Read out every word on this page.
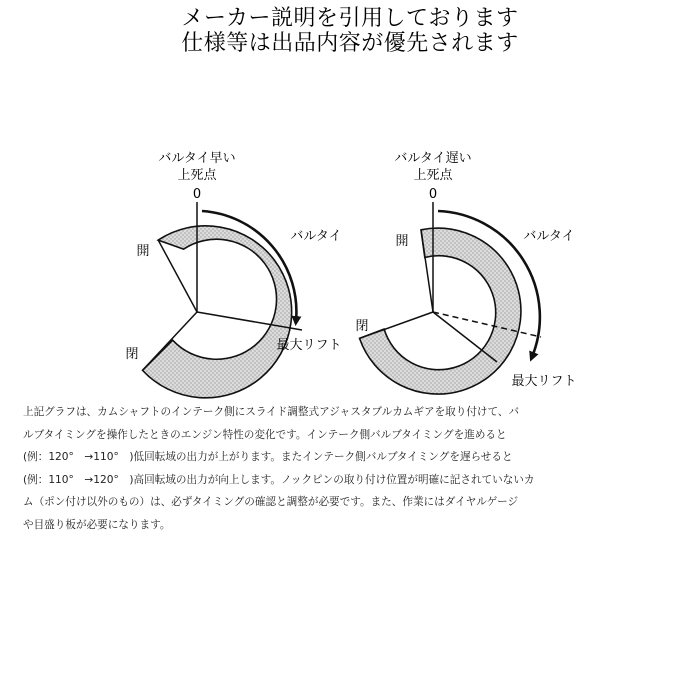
メーカー説明を引用しております
仕様等は出品内容が優先されます
バルタイ早い
上死点
0
開
閉
バルタイ
最大リフト
バルタイ遅い
上死点
0
開
閉
バルタイ
最大リフト
上記グラフは、カムシャフトのインテーク側にスライド調整式アジャスタブルカムギアを取り付けて、バ
ルブタイミングを操作したときのエンジン特性の変化です。インテーク側バルブタイミングを進めると
(例：120°　→110°　)低回転域の出力が上がります。またインテーク側バルブタイミングを遅らせると
(例：110°　→120°　)高回転域の出力が向上します。ノックピンの取り付け位置が明確に記されていないカ
ム（ポン付け以外のもの）は、必ずタイミングの確認と調整が必要です。また、作業にはダイヤルゲージ
や目盛り板が必要になります。
